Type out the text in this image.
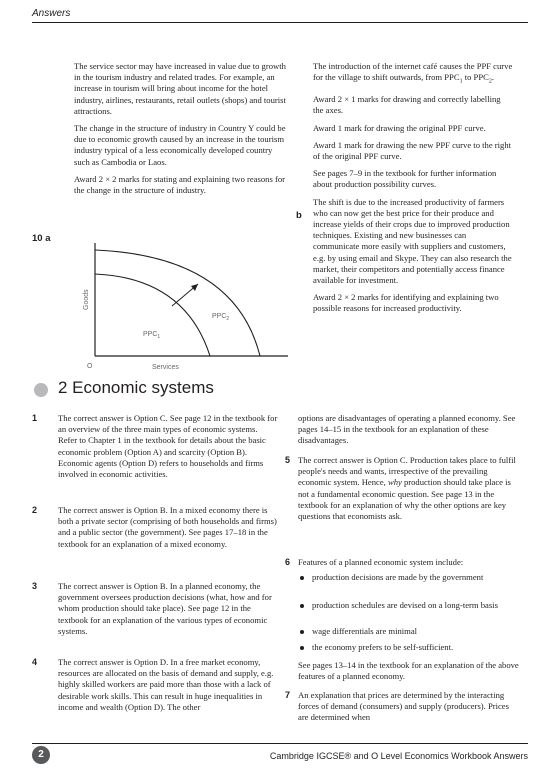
Answers

The service sector may have increased in value due to growth in the tourism industry and related trades. For example, an increase in tourism will bring about income for the hotel industry, airlines, restaurants, retail outlets (shops) and tourist attractions.

The change in the structure of industry in Country Y could be due to economic growth caused by an increase in the tourism industry typical of a less economically developed country such as Cambodia or Laos.

Award 2 × 2 marks for stating and explaining two reasons for the change in the structure of industry.

10 a
Goods
Services
O
$PPC_1$
$PPC_2$

The introduction of the internet café causes the PPF curve for the village to shift outwards, from $PPC_1$ to $PPC_2$.

Award 2 × 1 marks for drawing and correctly labelling the axes.

Award 1 mark for drawing the original PPF curve.

Award 1 mark for drawing the new PPF curve to the right of the original PPF curve.

See pages 7–9 in the textbook for further information about production possibility curves.

The shift is due to the increased productivity of farmers who can now get the best price for their produce and increase yields of their crops due to improved production techniques. Existing and new businesses can communicate more easily with suppliers and customers, e.g. by using email and Skype. They can also research the market, their competitors and potentially access finance available for investment.

Award 2 × 2 marks for identifying and explaining two possible reasons for increased productivity.

b
2 Economic systems
1 The correct answer is Option C. See page 12 in the textbook for an overview of the three main types of economic systems. Refer to Chapter 1 in the textbook for details about the basic economic problem (Option A) and scarcity (Option B). Economic agents (Option D) refers to households and firms involved in economic activities.
2 The correct answer is Option B. In a mixed economy there is both a private sector (comprising of both households and firms) and a public sector (the government). See pages 17–18 in the textbook for an explanation of a mixed economy.
3 The correct answer is Option B. In a planned economy, the government oversees production decisions (what, how and for whom production should take place). See page 12 in the textbook for an explanation of the various types of economic systems.
4 The correct answer is Option D. In a free market economy, resources are allocated on the basis of demand and supply, e.g. highly skilled workers are paid more than those with a lack of desirable work skills. This can result in huge inequalities in income and wealth (Option D). The other
options are disadvantages of operating a planned economy. See pages 14–15 in the textbook for an explanation of these disadvantages.
5 The correct answer is Option C. Production takes place to fulfil people's needs and wants, irrespective of the prevailing economic system. Hence, why production should take place is not a fundamental economic question. See page 13 in the textbook for an explanation of why the other options are key questions that economists ask.
6 Features of a planned economic system include:
production decisions are made by the government
production schedules are devised on a long-term basis
wage differentials are minimal
the economy prefers to be self-sufficient.
See pages 13–14 in the textbook for an explanation of the above features of a planned economy.
7 An explanation that prices are determined by the interacting forces of demand (consumers) and supply (producers). Prices are determined when
2	Cambridge IGCSE® and O Level Economics Workbook Answers
